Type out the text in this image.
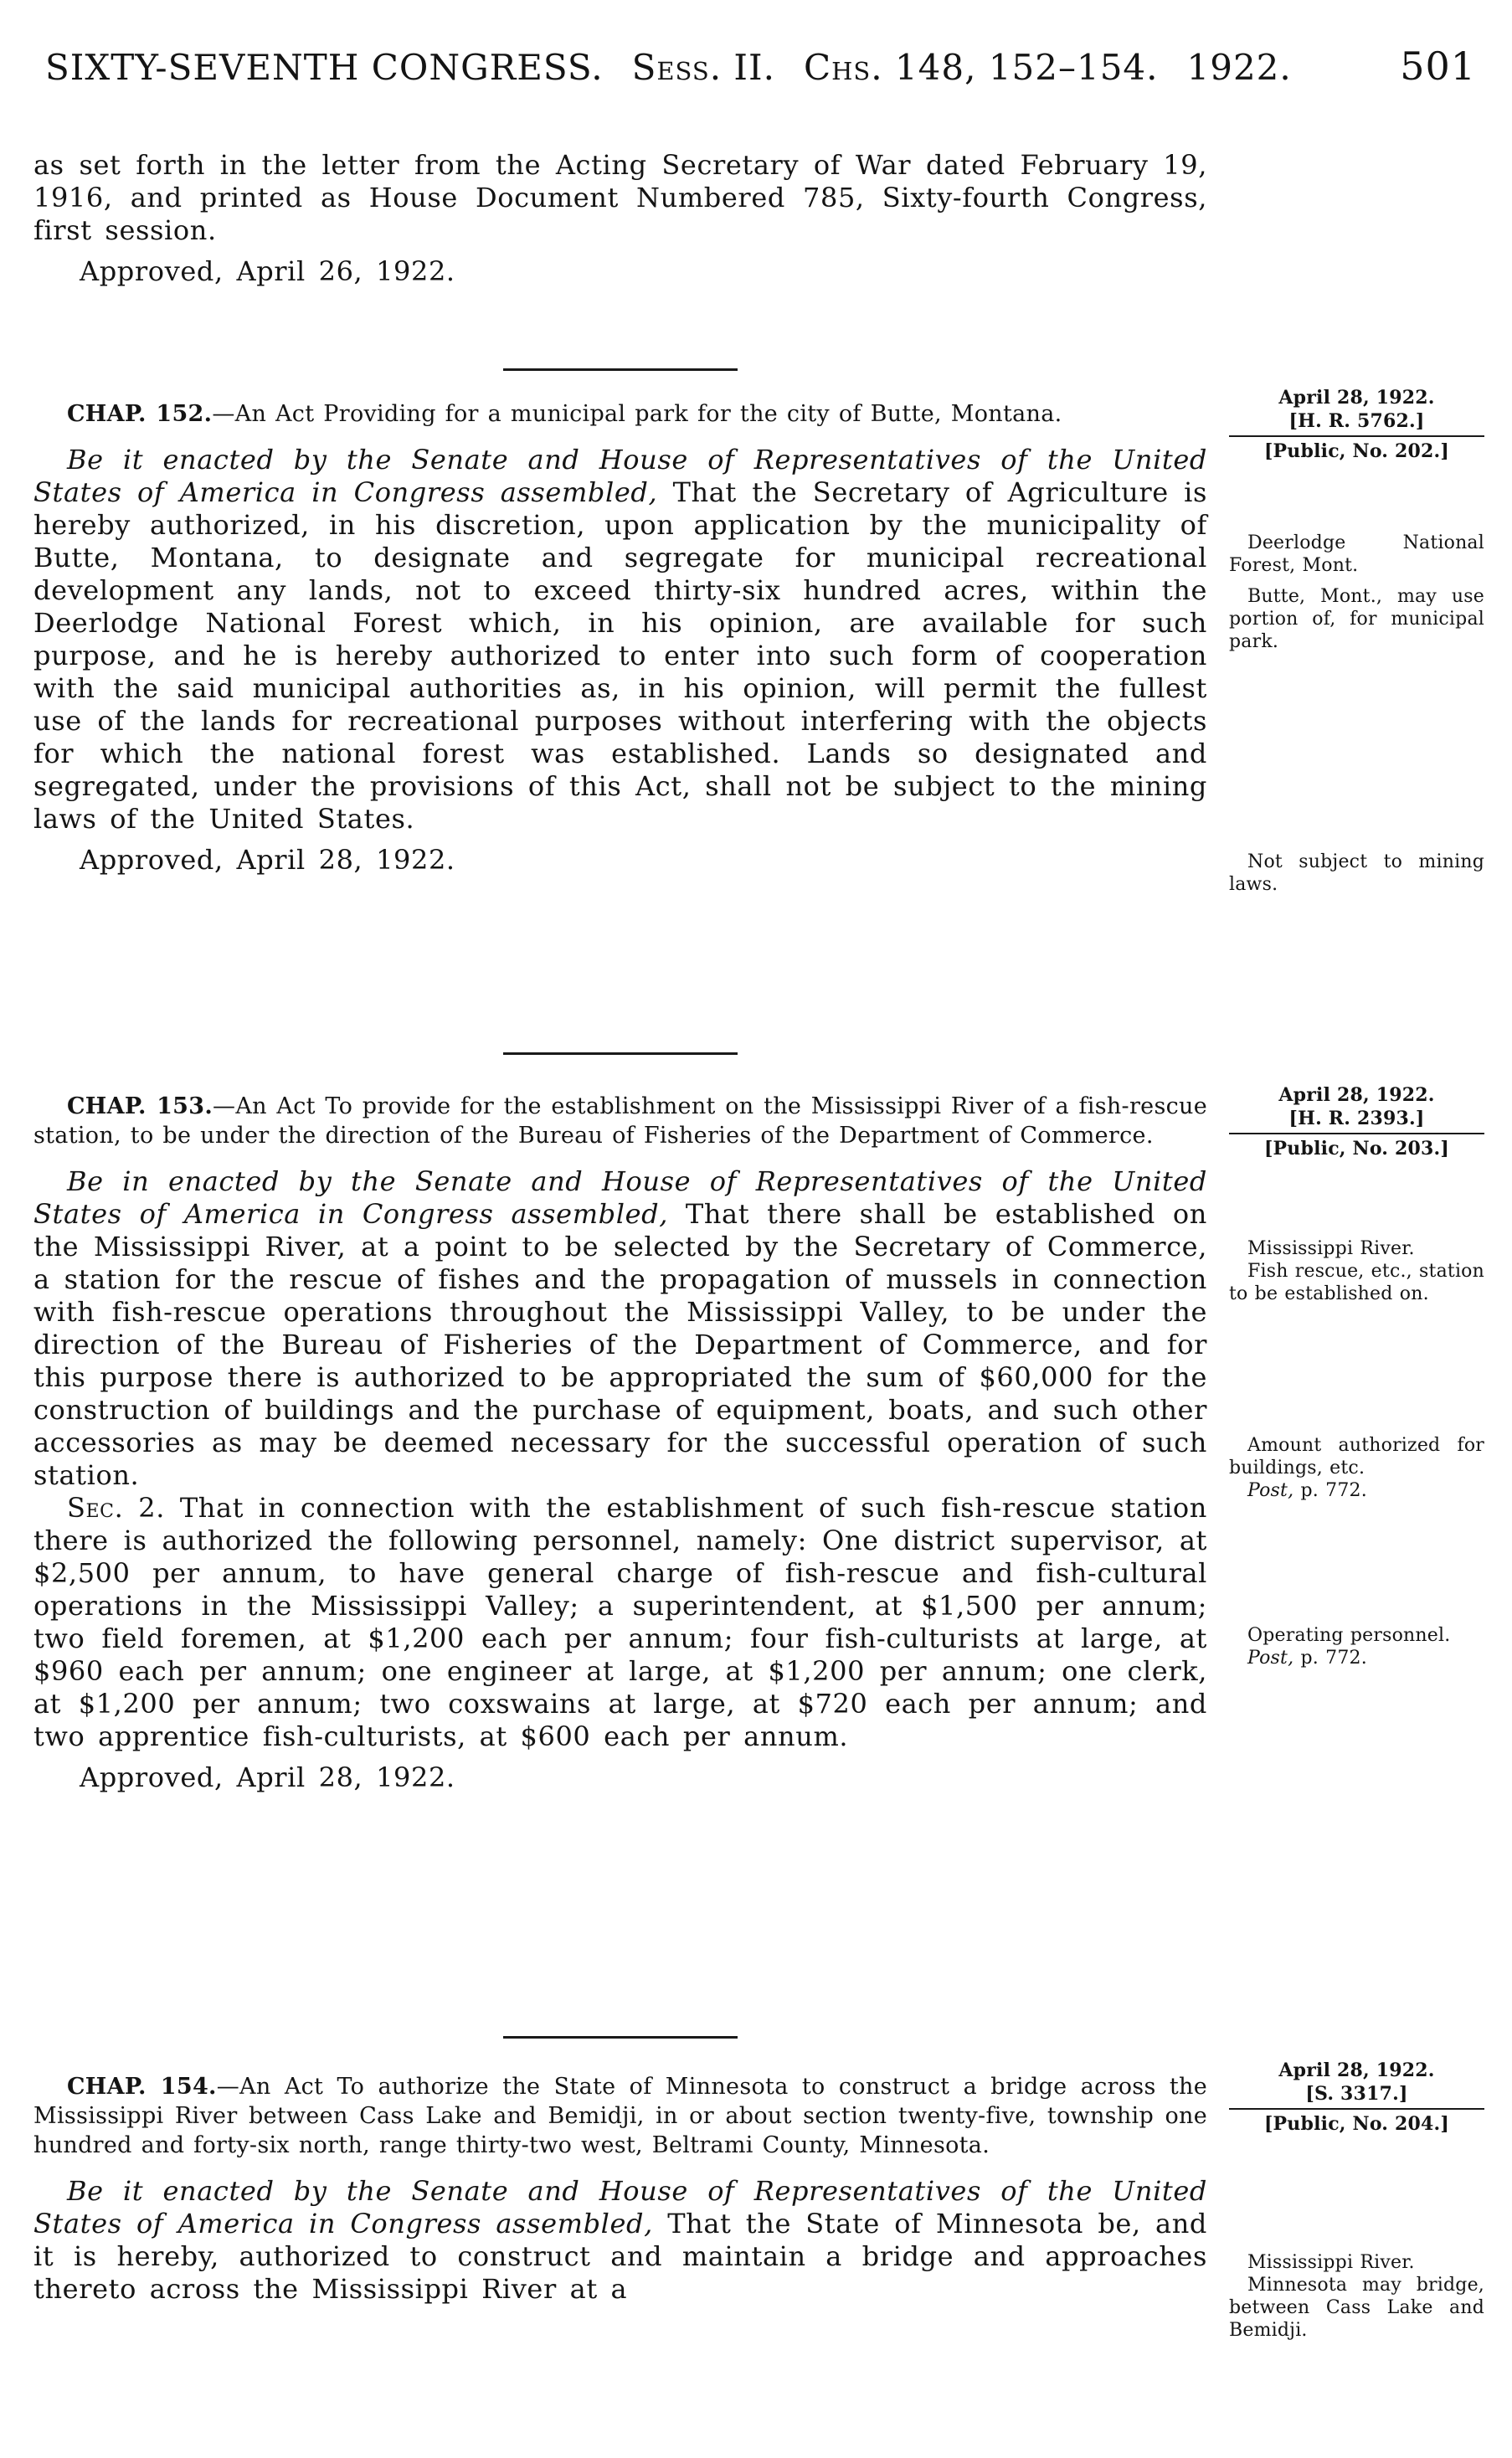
SIXTY-SEVENTH CONGRESS. Sess. II. Chs. 148, 152–154. 1922.	501

as set forth in the letter from the Acting Secretary of War dated February 19, 1916, and printed as House Document Numbered 785, Sixty-fourth Congress, first session.

Approved, April 26, 1922.

CHAP. 152.—An Act Providing for a municipal park for the city of Butte, Montana.

Be it enacted by the Senate and House of Representatives of the United States of America in Congress assembled, That the Secretary of Agriculture is hereby authorized, in his discretion, upon application by the municipality of Butte, Montana, to designate and segregate for municipal recreational development any lands, not to exceed thirty-six hundred acres, within the Deerlodge National Forest which, in his opinion, are available for such purpose, and he is hereby authorized to enter into such form of cooperation with the said municipal authorities as, in his opinion, will permit the fullest use of the lands for recreational purposes without interfering with the objects for which the national forest was established. Lands so designated and segregated, under the provisions of this Act, shall not be subject to the mining laws of the United States.

Approved, April 28, 1922.

April 28, 1922.
[H. R. 5762.]
[Public, No. 202.]
Deerlodge National Forest, Mont.
Butte, Mont., may use portion of, for municipal park.
Not subject to mining laws.

CHAP. 153.—An Act To provide for the establishment on the Mississippi River of a fish-rescue station, to be under the direction of the Bureau of Fisheries of the Department of Commerce.

Be in enacted by the Senate and House of Representatives of the United States of America in Congress assembled, That there shall be established on the Mississippi River, at a point to be selected by the Secretary of Commerce, a station for the rescue of fishes and the propagation of mussels in connection with fish-rescue operations throughout the Mississippi Valley, to be under the direction of the Bureau of Fisheries of the Department of Commerce, and for this purpose there is authorized to be appropriated the sum of $60,000 for the construction of buildings and the purchase of equipment, boats, and such other accessories as may be deemed necessary for the successful operation of such station.

Sec. 2. That in connection with the establishment of such fish-rescue station there is authorized the following personnel, namely: One district supervisor, at $2,500 per annum, to have general charge of fish-rescue and fish-cultural operations in the Mississippi Valley; a superintendent, at $1,500 per annum; two field foremen, at $1,200 each per annum; four fish-culturists at large, at $960 each per annum; one engineer at large, at $1,200 per annum; one clerk, at $1,200 per annum; two coxswains at large, at $720 each per annum; and two apprentice fish-culturists, at $600 each per annum.

Approved, April 28, 1922.

April 28, 1922.
[H. R. 2393.]
[Public, No. 203.]
Mississippi River.
Fish rescue, etc., station to be established on.
Amount authorized for buildings, etc.
Post, p. 772.
Operating personnel.
Post, p. 772.

CHAP. 154.—An Act To authorize the State of Minnesota to construct a bridge across the Mississippi River between Cass Lake and Bemidji, in or about section twenty-five, township one hundred and forty-six north, range thirty-two west, Beltrami County, Minnesota.

Be it enacted by the Senate and House of Representatives of the United States of America in Congress assembled, That the State of Minnesota be, and it is hereby, authorized to construct and maintain a bridge and approaches thereto across the Mississippi River at a

April 28, 1922.
[S. 3317.]
[Public, No. 204.]
Mississippi River.
Minnesota may bridge, between Cass Lake and Bemidji.
